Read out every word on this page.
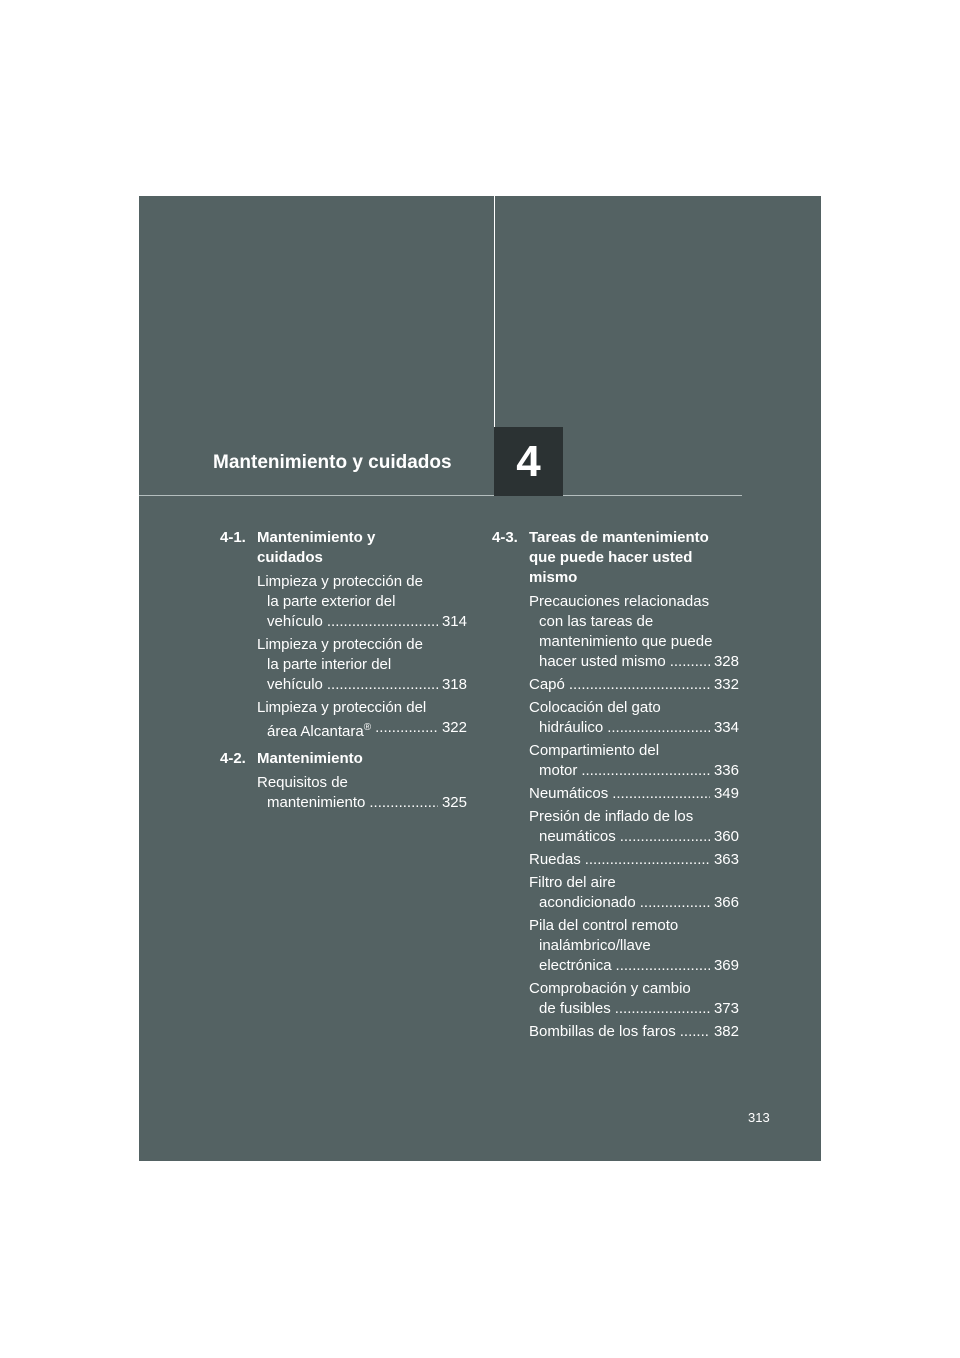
Mantenimiento y cuidados 4
4-1. Mantenimiento y cuidados
Limpieza y protección de
la parte exterior del
vehículo .....	314
Limpieza y protección de
la parte interior del
vehículo .....	318
Limpieza y protección del
área Alcantara® .....	322
4-2. Mantenimiento
Requisitos de
mantenimiento .....	325
4-3. Tareas de mantenimiento que puede hacer usted mismo
Precauciones relacionadas
con las tareas de
mantenimiento que puede
hacer usted mismo .....	328
Capó .....	332
Colocación del gato
hidráulico .....	334
Compartimiento del
motor .....	336
Neumáticos .....	349
Presión de inflado de los
neumáticos .....	360
Ruedas .....	363
Filtro del aire
acondicionado .....	366
Pila del control remoto
inalámbrico/llave
electrónica .....	369
Comprobación y cambio
de fusibles .....	373
Bombillas de los faros .....	382
313
